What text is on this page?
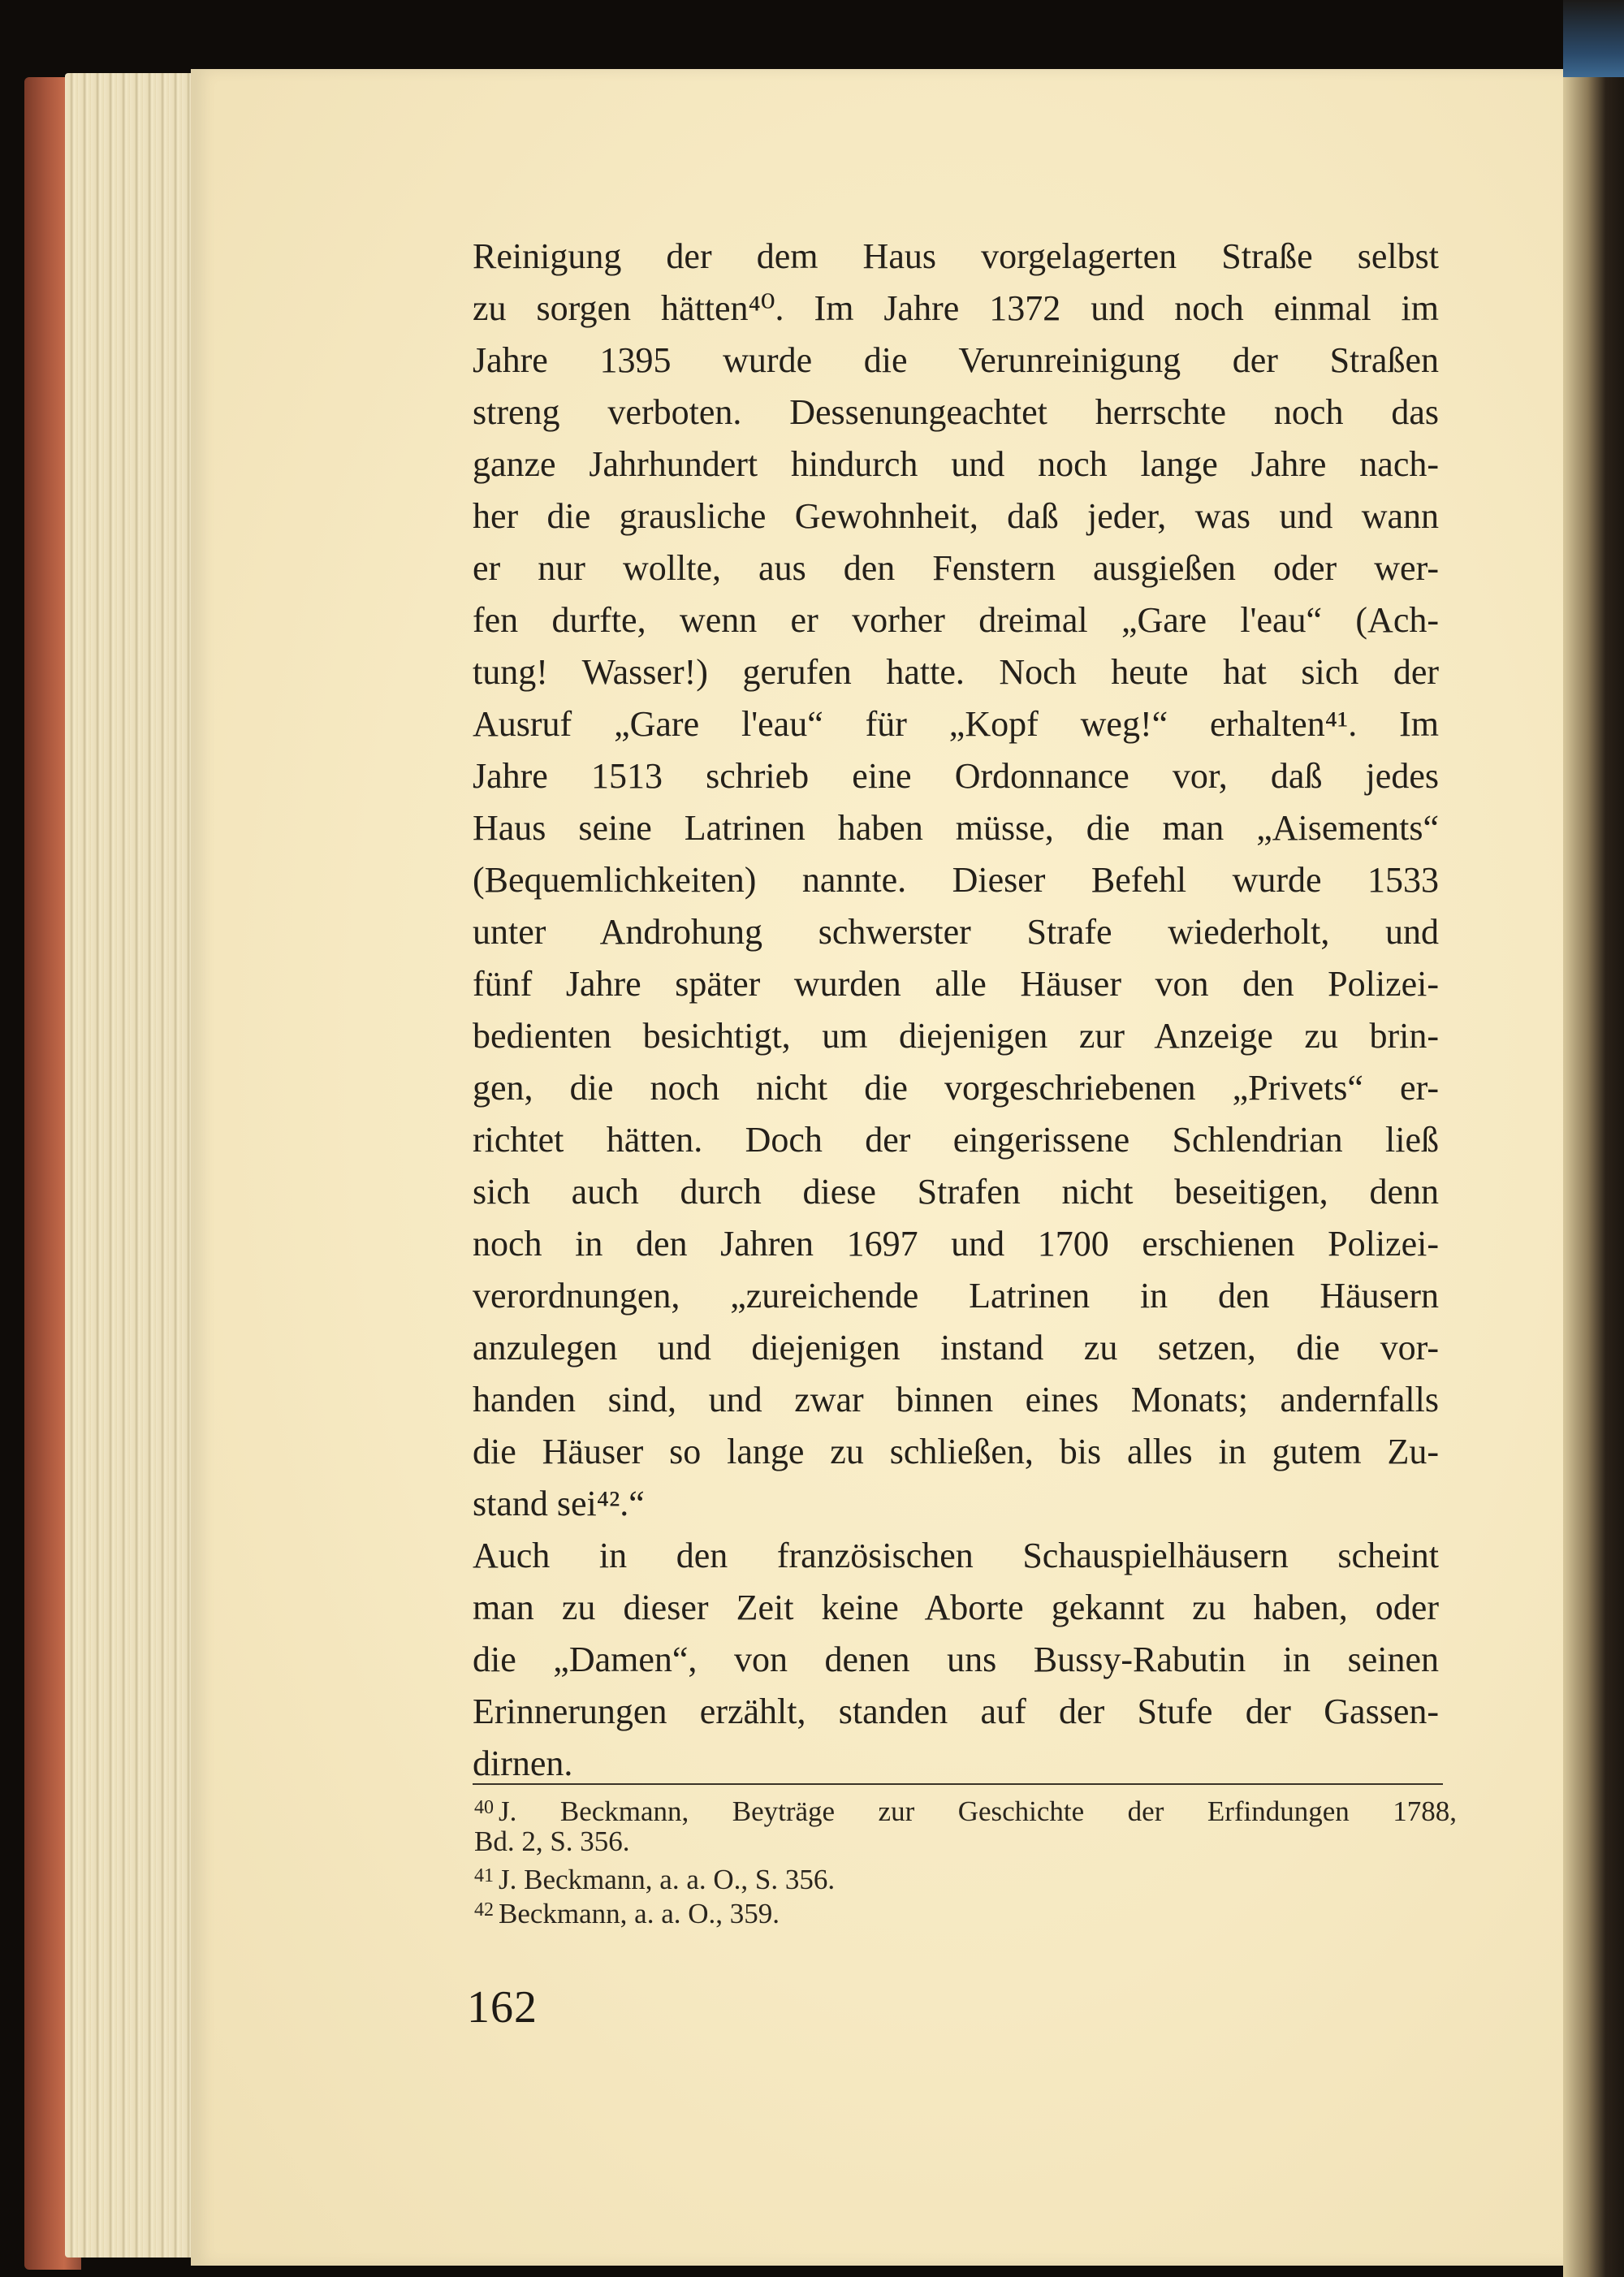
Reinigung der dem Haus vorgelagerten Straße selbst
zu sorgen hätten⁴⁰. Im Jahre 1372 und noch einmal im
Jahre 1395 wurde die Verunreinigung der Straßen
streng verboten. Dessenungeachtet herrschte noch das
ganze Jahrhundert hindurch und noch lange Jahre nach-
her die grausliche Gewohnheit, daß jeder, was und wann
er nur wollte, aus den Fenstern ausgießen oder wer-
fen durfte, wenn er vorher dreimal „Gare l'eau“ (Ach-
tung! Wasser!) gerufen hatte. Noch heute hat sich der
Ausruf „Gare l'eau“ für „Kopf weg!“ erhalten⁴¹. Im
Jahre 1513 schrieb eine Ordonnance vor, daß jedes
Haus seine Latrinen haben müsse, die man „Aisements“
(Bequemlichkeiten) nannte. Dieser Befehl wurde 1533
unter Androhung schwerster Strafe wiederholt, und
fünf Jahre später wurden alle Häuser von den Polizei-
bedienten besichtigt, um diejenigen zur Anzeige zu brin-
gen, die noch nicht die vorgeschriebenen „Privets“ er-
richtet hätten. Doch der eingerissene Schlendrian ließ
sich auch durch diese Strafen nicht beseitigen, denn
noch in den Jahren 1697 und 1700 erschienen Polizei-
verordnungen, „zureichende Latrinen in den Häusern
anzulegen und diejenigen instand zu setzen, die vor-
handen sind, und zwar binnen eines Monats; andernfalls
die Häuser so lange zu schließen, bis alles in gutem Zu-
stand sei⁴².“
Auch in den französischen Schauspielhäusern scheint
man zu dieser Zeit keine Aborte gekannt zu haben, oder
die „Damen“, von denen uns Bussy-Rabutin in seinen
Erinnerungen erzählt, standen auf der Stufe der Gassen-
dirnen.
$^{40}$ J. Beckmann, Beyträge zur Geschichte der Erfindungen 1788,
Bd. 2, S. 356.
$^{41}$ J. Beckmann, a. a. O., S. 356.
$^{42}$ Beckmann, a. a. O., 359.
162
